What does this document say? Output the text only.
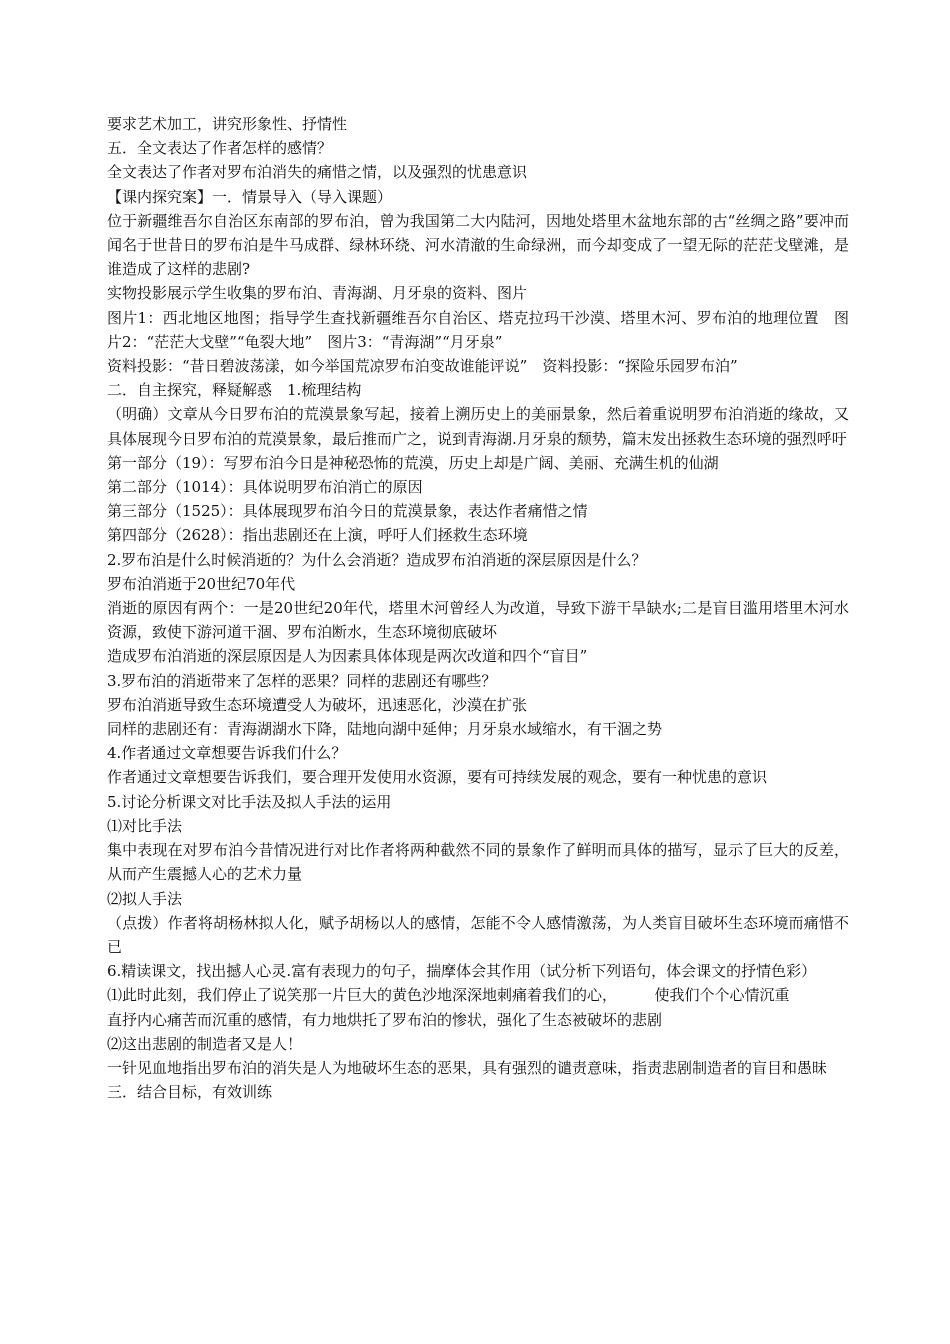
要求艺术加工，讲究形象性、抒情性

五．全文表达了作者怎样的感情？

全文表达了作者对罗布泊消失的痛惜之情，以及强烈的忧患意识

【课内探究案】一．情景导入（导入课题）

位于新疆维吾尔自治区东南部的罗布泊，曾为我国第二大内陆河，因地处塔里木盆地东部的古“丝绸之路”要冲而闻名于世昔日的罗布泊是牛马成群、绿林环绕、河水清澈的生命绿洲，而今却变成了一望无际的茫茫戈壁滩，是谁造成了这样的悲剧?

实物投影展示学生收集的罗布泊、青海湖、月牙泉的资料、图片

图片1：西北地区地图；指导学生查找新疆维吾尔自治区、塔克拉玛干沙漠、塔里木河、罗布泊的地理位置　图片2：“茫茫大戈壁”“龟裂大地”　图片3：“青海湖”“月牙泉”

资料投影：“昔日碧波荡漾，如今举国荒凉罗布泊变故谁能评说”　资料投影：“探险乐园罗布泊”

二．自主探究，释疑解惑　1.梳理结构

（明确）文章从今日罗布泊的荒漠景象写起，接着上溯历史上的美丽景象，然后着重说明罗布泊消逝的缘故，又具体展现今日罗布泊的荒漠景象，最后推而广之，说到青海湖.月牙泉的颓势，篇末发出拯救生态环境的强烈呼吁

第一部分（19）：写罗布泊今日是神秘恐怖的荒漠，历史上却是广阔、美丽、充满生机的仙湖

第二部分（1014）：具体说明罗布泊消亡的原因

第三部分（1525）：具体展现罗布泊今日的荒漠景象，表达作者痛惜之情

第四部分（2628）：指出悲剧还在上演，呼吁人们拯救生态环境

2.罗布泊是什么时候消逝的？为什么会消逝？造成罗布泊消逝的深层原因是什么？

罗布泊消逝于20世纪70年代

消逝的原因有两个：一是20世纪20年代，塔里木河曾经人为改道，导致下游干旱缺水;二是盲目滥用塔里木河水资源，致使下游河道干涸、罗布泊断水，生态环境彻底破坏

造成罗布泊消逝的深层原因是人为因素具体体现是两次改道和四个“盲目”

3.罗布泊的消逝带来了怎样的恶果？同样的悲剧还有哪些？

罗布泊消逝导致生态环境遭受人为破坏，迅速恶化，沙漠在扩张

同样的悲剧还有：青海湖湖水下降，陆地向湖中延伸；月牙泉水域缩水，有干涸之势

4.作者通过文章想要告诉我们什么？

作者通过文章想要告诉我们，要合理开发使用水资源，要有可持续发展的观念，要有一种忧患的意识

5.讨论分析课文对比手法及拟人手法的运用

⑴对比手法

集中表现在对罗布泊今昔情况进行对比作者将两种截然不同的景象作了鲜明而具体的描写，显示了巨大的反差，从而产生震撼人心的艺术力量

⑵拟人手法

（点拨）作者将胡杨林拟人化，赋予胡杨以人的感情，怎能不令人感情激荡，为人类盲目破坏生态环境而痛惜不已

6.精读课文，找出撼人心灵.富有表现力的句子，揣摩体会其作用（试分析下列语句，体会课文的抒情色彩）

⑴此时此刻，我们停止了说笑那一片巨大的黄色沙地深深地刺痛着我们的心，　　　使我们个个心情沉重

直抒内心痛苦而沉重的感情，有力地烘托了罗布泊的惨状，强化了生态被破坏的悲剧

⑵这出悲剧的制造者又是人！

一针见血地指出罗布泊的消失是人为地破坏生态的恶果，具有强烈的谴责意味，指责悲剧制造者的盲目和愚昧

三．结合目标，有效训练
